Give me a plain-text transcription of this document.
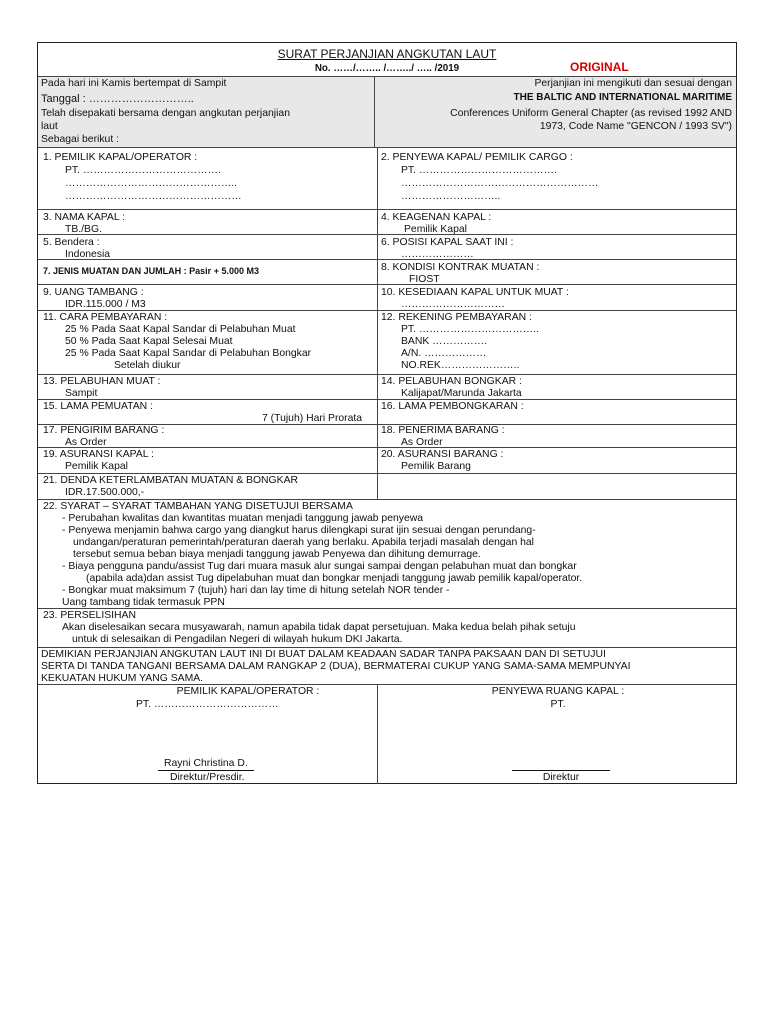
SURAT PERJANJIAN ANGKUTAN LAUT
No. ……/…….. /……../ ….. /2019	ORIGINAL
Pada hari ini Kamis bertempat di Sampit
Tanggal : ………………………..
Telah disepakati bersama dengan angkutan perjanjian
laut
Sebagai berikut :
Perjanjian ini mengikuti dan sesuai dengan
THE BALTIC AND INTERNATIONAL MARITIME
Conferences Uniform General Chapter (as revised 1992 AND
1973, Code Name "GENCON / 1993 SV")
1. PEMILIK KAPAL/OPERATOR :
PT. ………………………………….
…………………………………………..
……………………………………………
2. PENYEWA KAPAL/ PEMILIK CARGO :
PT. ………………………………….
…………………………………………………
………………………..
3. NAMA KAPAL :
TB./BG.
4. KEAGENAN KAPAL :
Pemilik Kapal
5. Bendera :
Indonesia
6. POSISI KAPAL SAAT INI :
…………………
7. JENIS MUATAN DAN JUMLAH : Pasir + 5.000 M3	8. KONDISI KONTRAK MUATAN :
FIOST
9. UANG TAMBANG :
IDR.115.000 / M3
10. KESEDIAAN KAPAL UNTUK MUAT :
…………………………
11. CARA PEMBAYARAN :
25 % Pada Saat Kapal Sandar di Pelabuhan Muat
50 % Pada Saat Kapal Selesai Muat
25 % Pada Saat Kapal Sandar di Pelabuhan Bongkar
Setelah diukur
12. REKENING PEMBAYARAN :
PT. ……………………………..
BANK …………….
A/N. ………………
NO.REK…………………..
13. PELABUHAN MUAT :
Sampit
14. PELABUHAN BONGKAR :
Kalijapat/Marunda Jakarta
15. LAMA PEMUATAN :
7 (Tujuh) Hari Prorata
16. LAMA PEMBONGKARAN :
17. PENGIRIM BARANG :
As Order
18. PENERIMA BARANG :
As Order
19. ASURANSI KAPAL :
Pemilik Kapal
20. ASURANSI BARANG :
Pemilik Barang
21. DENDA KETERLAMBATAN MUATAN & BONGKAR
IDR.17.500.000,-
22. SYARAT – SYARAT TAMBAHAN YANG DISETUJUI BERSAMA
- Perubahan kwalitas dan kwantitas muatan menjadi tanggung jawab penyewa
- Penyewa menjamin bahwa cargo yang diangkut harus dilengkapi surat ijin sesuai dengan perundang-
undangan/peraturan pemerintah/peraturan daerah yang berlaku. Apabila terjadi masalah dengan hal
tersebut semua beban biaya menjadi tanggung jawab Penyewa dan dihitung demurrage.
- Biaya pengguna pandu/assist Tug dari muara masuk alur sungai sampai dengan pelabuhan muat dan bongkar
(apabila ada)dan assist Tug dipelabuhan muat dan bongkar menjadi tanggung jawab pemilik kapal/operator.
- Bongkar muat maksimum 7 (tujuh) hari dan lay time di hitung setelah NOR tender -
Uang tambang tidak termasuk PPN
23. PERSELISIHAN
Akan diselesaikan secara musyawarah, namun apabila tidak dapat persetujuan. Maka kedua belah pihak setuju
untuk di selesaikan di Pengadilan Negeri di wilayah hukum DKI Jakarta.
DEMIKIAN PERJANJIAN ANGKUTAN LAUT INI DI BUAT DALAM KEADAAN SADAR TANPA PAKSAAN DAN DI SETUJUI
SERTA DI TANDA TANGANI BERSAMA DALAM RANGKAP 2 (DUA), BERMATERAI CUKUP YANG SAMA-SAMA MEMPUNYAI
KEKUATAN HUKUM YANG SAMA.
PEMILIK KAPAL/OPERATOR :
PT. ………………………………
Rayni Christina D.
Direktur/Presdir.
PENYEWA RUANG KAPAL :
PT.
Direktur
